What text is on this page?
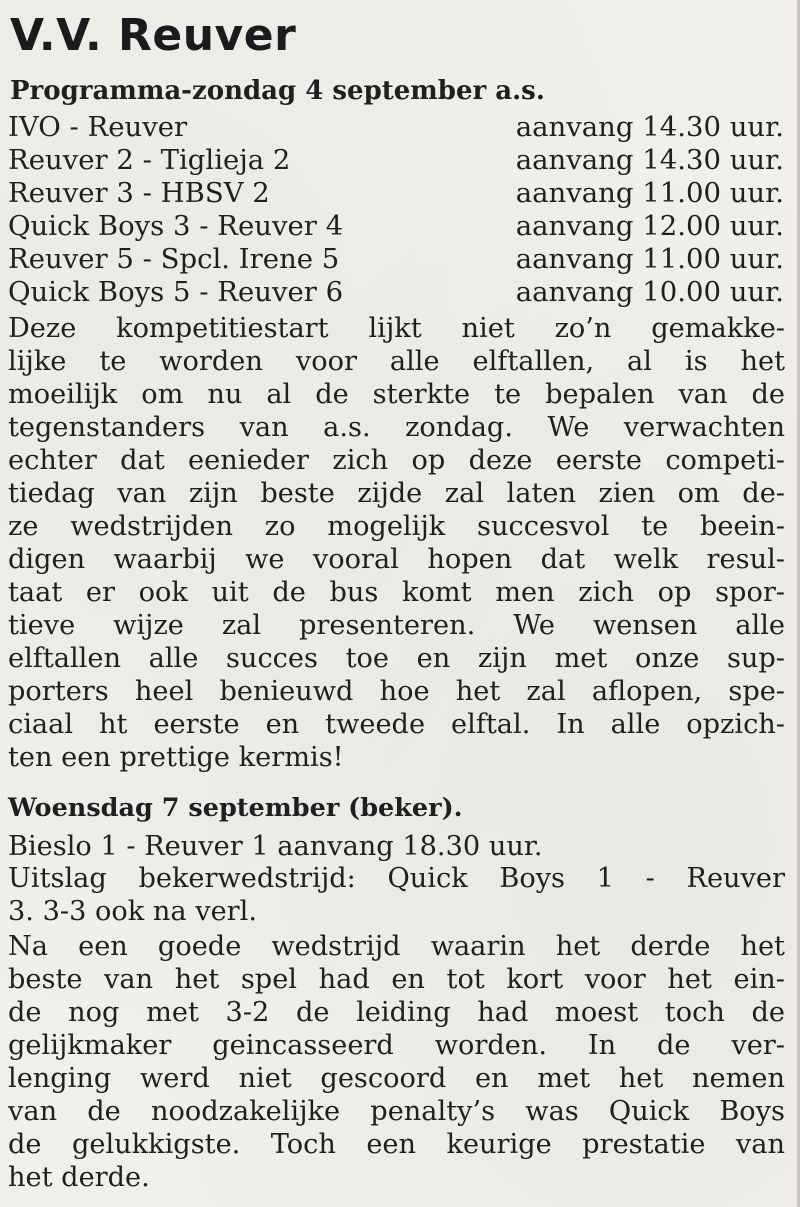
V.V. Reuver
Programma-zondag 4 september a.s.
IVO - Reuver	aanvang 14.30 uur.
Reuver 2 - Tiglieja 2	aanvang 14.30 uur.
Reuver 3 - HBSV 2	aanvang 11.00 uur.
Quick Boys 3 - Reuver 4	aanvang 12.00 uur.
Reuver 5 - Spcl. Irene 5	aanvang 11.00 uur.
Quick Boys 5 - Reuver 6	aanvang 10.00 uur.

Deze kompetitiestart lijkt niet zo’n gemakke-
lijke te worden voor alle elftallen, al is het
moeilijk om nu al de sterkte te bepalen van de
tegenstanders van a.s. zondag. We verwachten
echter dat eenieder zich op deze eerste competi-
tiedag van zijn beste zijde zal laten zien om de-
ze wedstrijden zo mogelijk succesvol te beein-
digen waarbij we vooral hopen dat welk resul-
taat er ook uit de bus komt men zich op spor-
tieve wijze zal presenteren. We wensen alle
elftallen alle succes toe en zijn met onze sup-
porters heel benieuwd hoe het zal aflopen, spe-
ciaal ht eerste en tweede elftal. In alle opzich-
ten een prettige kermis!

Woensdag 7 september (beker).

Bieslo 1 - Reuver 1 aanvang 18.30 uur.

Uitslag bekerwedstrijd: Quick Boys 1 - Reuver

3. 3-3 ook na verl.

Na een goede wedstrijd waarin het derde het
beste van het spel had en tot kort voor het ein-
de nog met 3-2 de leiding had moest toch de
gelijkmaker geincasseerd worden. In de ver-
lenging werd niet gescoord en met het nemen
van de noodzakelijke penalty’s was Quick Boys
de gelukkigste. Toch een keurige prestatie van
het derde.
